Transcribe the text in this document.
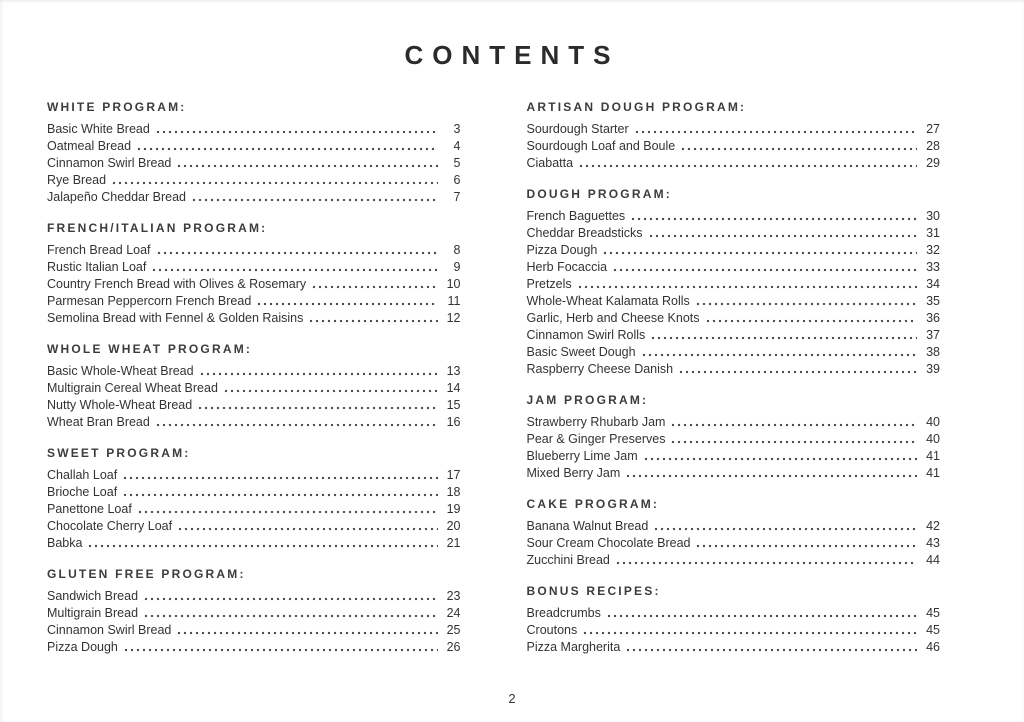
CONTENTS
WHITE PROGRAM:
Basic White Bread	3
Oatmeal Bread	4
Cinnamon Swirl Bread	5
Rye Bread	6
Jalapeño Cheddar Bread	7
FRENCH/ITALIAN PROGRAM:
French Bread Loaf	8
Rustic Italian Loaf	9
Country French Bread with Olives & Rosemary	10
Parmesan Peppercorn French Bread	11
Semolina Bread with Fennel & Golden Raisins	12
WHOLE WHEAT PROGRAM:
Basic Whole-Wheat Bread	13
Multigrain Cereal Wheat Bread	14
Nutty Whole-Wheat Bread	15
Wheat Bran Bread	16
SWEET PROGRAM:
Challah Loaf	17
Brioche Loaf	18
Panettone Loaf	19
Chocolate Cherry Loaf	20
Babka	21
GLUTEN FREE PROGRAM:
Sandwich Bread	23
Multigrain Bread	24
Cinnamon Swirl Bread	25
Pizza Dough	26
ARTISAN DOUGH PROGRAM:
Sourdough Starter	27
Sourdough Loaf and Boule	28
Ciabatta	29
DOUGH PROGRAM:
French Baguettes	30
Cheddar Breadsticks	31
Pizza Dough	32
Herb Focaccia	33
Pretzels	34
Whole-Wheat Kalamata Rolls	35
Garlic, Herb and Cheese Knots	36
Cinnamon Swirl Rolls	37
Basic Sweet Dough	38
Raspberry Cheese Danish	39
JAM PROGRAM:
Strawberry Rhubarb Jam	40
Pear & Ginger Preserves	40
Blueberry Lime Jam	41
Mixed Berry Jam	41
CAKE PROGRAM:
Banana Walnut Bread	42
Sour Cream Chocolate Bread	43
Zucchini Bread	44
BONUS RECIPES:
Breadcrumbs	45
Croutons	45
Pizza Margherita	46
2
